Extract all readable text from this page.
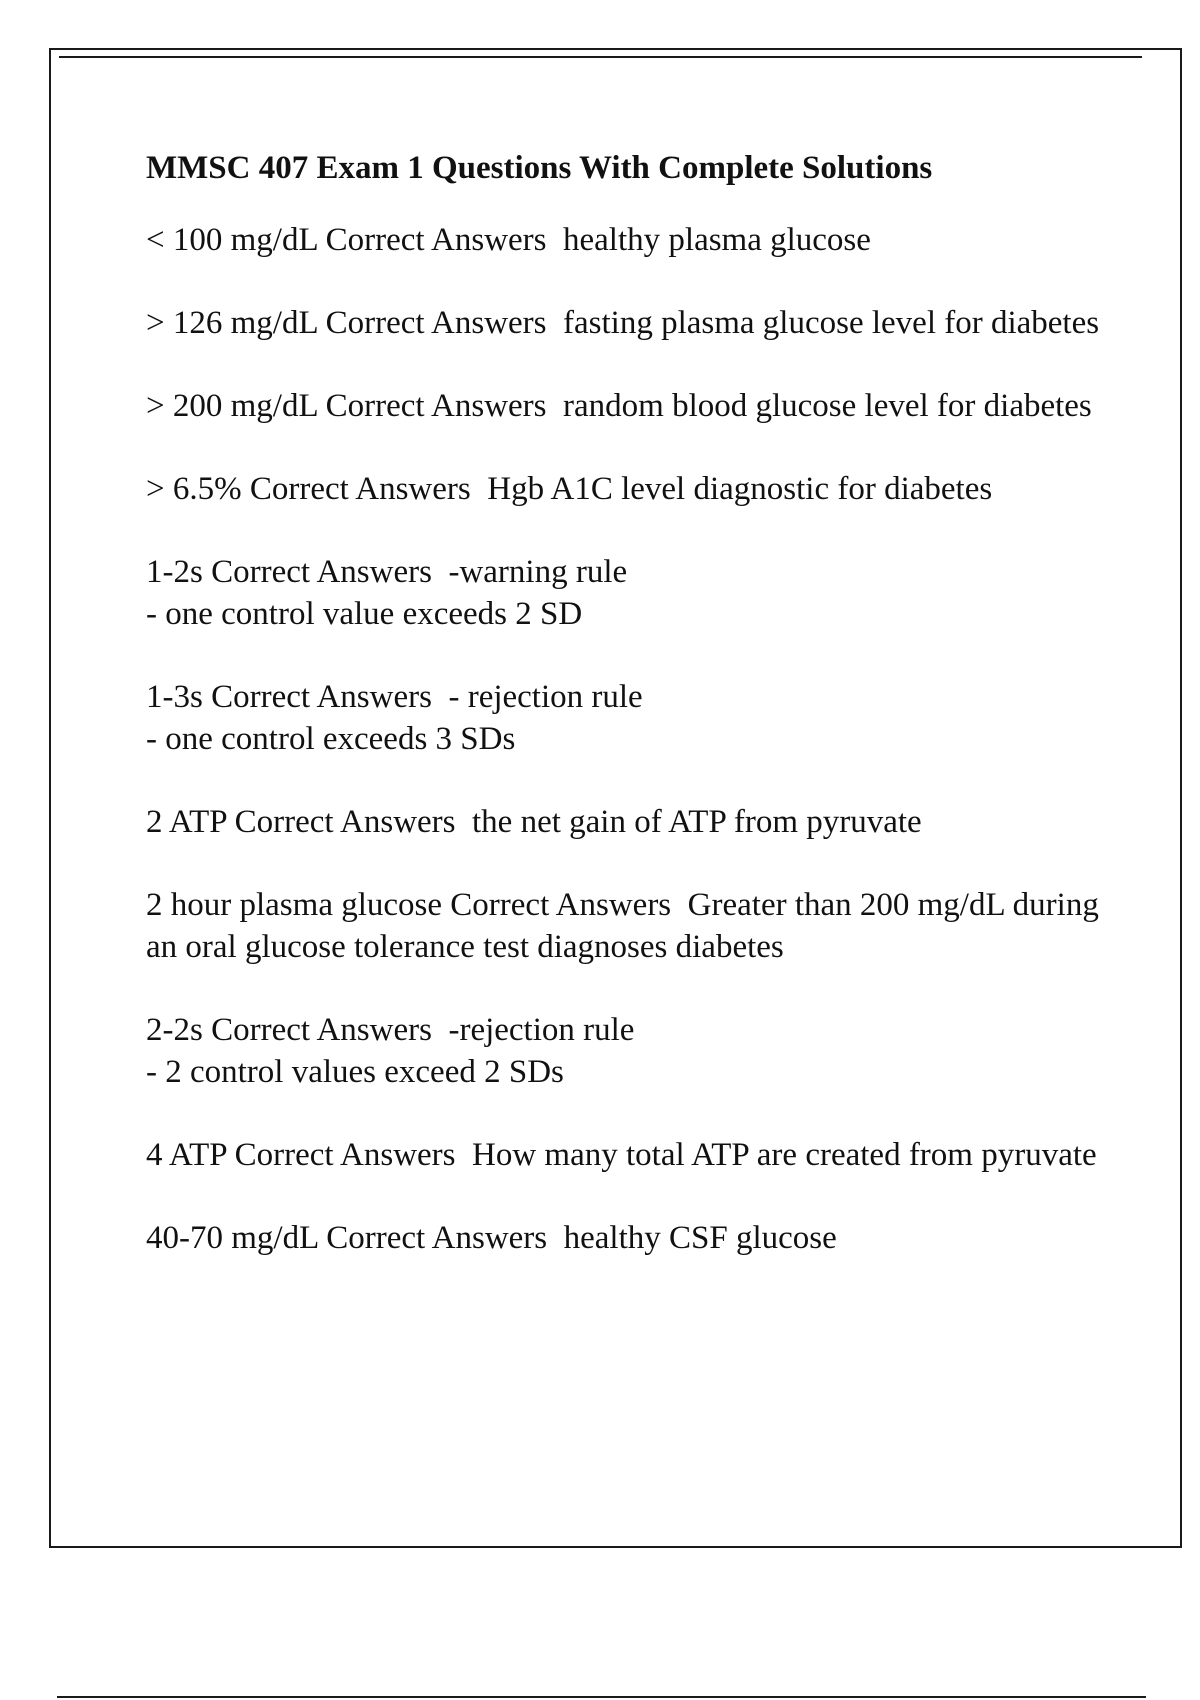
MMSC 407 Exam 1 Questions With Complete Solutions
< 100 mg/dL Correct Answers  healthy plasma glucose
> 126 mg/dL Correct Answers  fasting plasma glucose level for diabetes
> 200 mg/dL Correct Answers  random blood glucose level for diabetes
> 6.5% Correct Answers  Hgb A1C level diagnostic for diabetes
1-2s Correct Answers  -warning rule
- one control value exceeds 2 SD
1-3s Correct Answers  - rejection rule
- one control exceeds 3 SDs
2 ATP Correct Answers  the net gain of ATP from pyruvate
2 hour plasma glucose Correct Answers  Greater than 200 mg/dL during an oral glucose tolerance test diagnoses diabetes
2-2s Correct Answers  -rejection rule
- 2 control values exceed 2 SDs
4 ATP Correct Answers  How many total ATP are created from pyruvate
40-70 mg/dL Correct Answers  healthy CSF glucose
